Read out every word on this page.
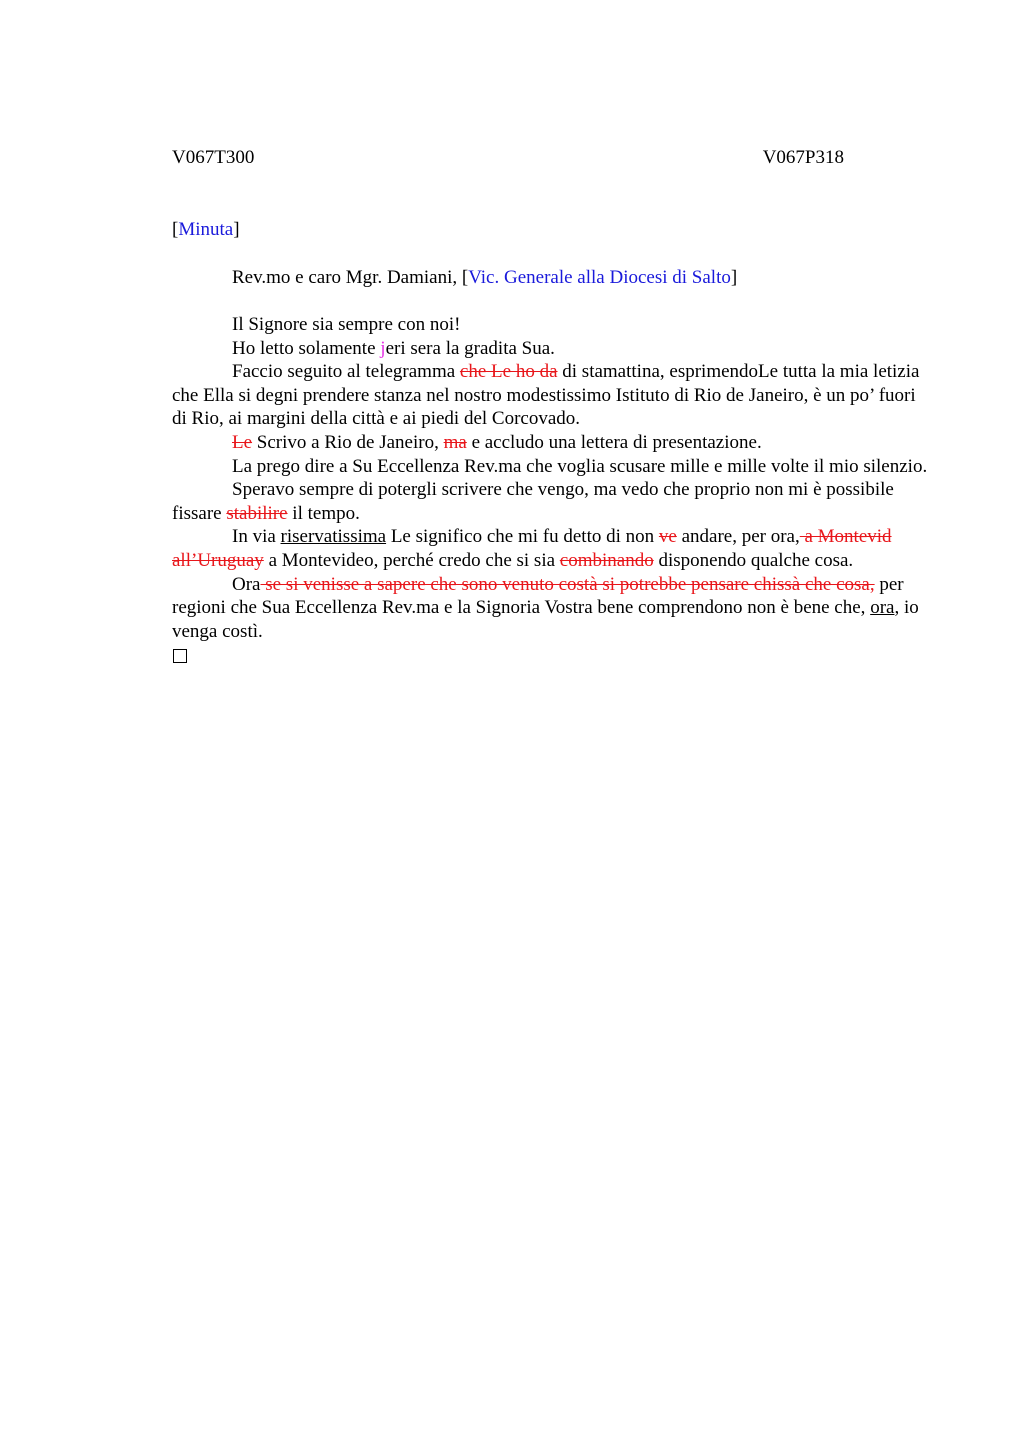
V067T300	V067P318
[Minuta]
Rev.mo e caro Mgr. Damiani, [Vic. Generale alla Diocesi di Salto]

Il Signore sia sempre con noi!

Ho letto solamente jeri sera la gradita Sua.

Faccio seguito al telegramma che Le ho da di stamattina, esprimendoLe tutta la mia letizia che Ella si degni prendere stanza nel nostro modestissimo Istituto di Rio de Janeiro, è un po’ fuori di Rio, ai margini della città e ai piedi del Corcovado.

Le Scrivo a Rio de Janeiro, ma e accludo una lettera di presentazione.

La prego dire a Su Eccellenza Rev.ma che voglia scusare mille e mille volte il mio silenzio.

Speravo sempre di potergli scrivere che vengo, ma vedo che proprio non mi è possibile fissare stabilire il tempo.

In via riservatissima Le significo che mi fu detto di non ve andare, per ora, a Montevid all’Uruguay a Montevideo, perché credo che si sia combinando disponendo qualche cosa.

Ora se si venisse a sapere che sono venuto costà si potrebbe pensare chissà che cosa, per regioni che Sua Eccellenza Rev.ma e la Signoria Vostra bene comprendono non è bene che, ora, io venga costì.
